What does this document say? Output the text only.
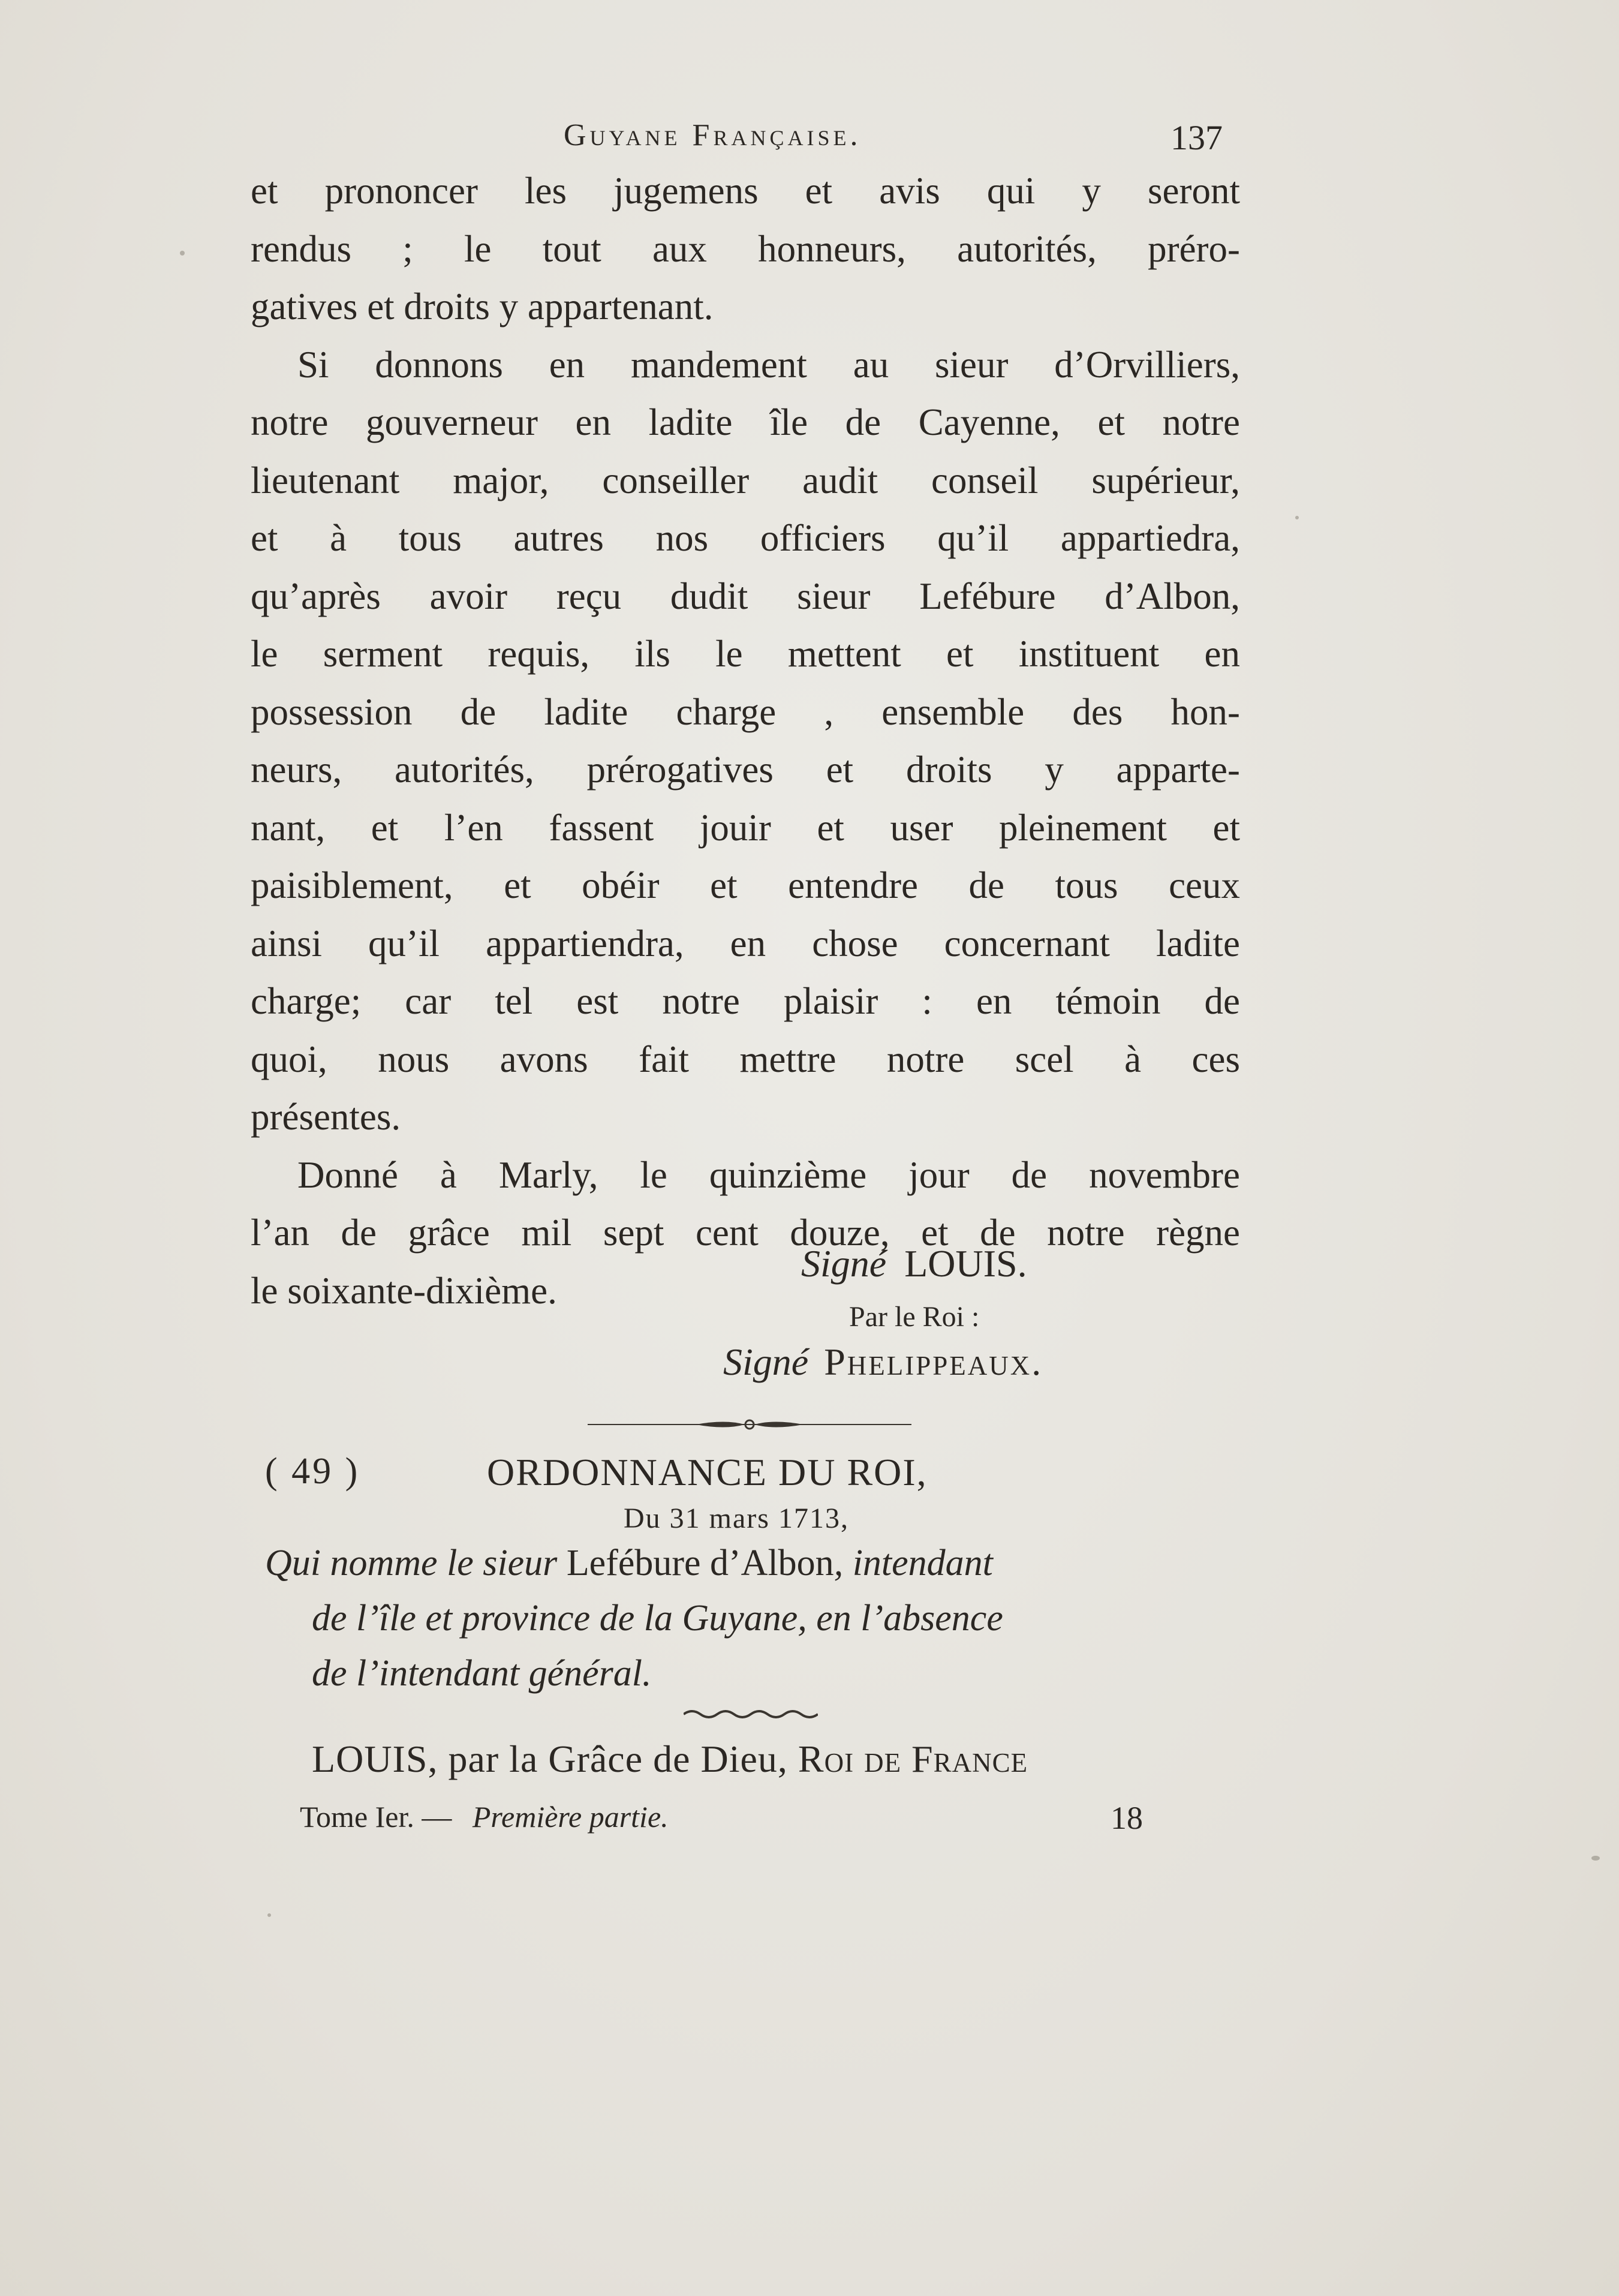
Guyane Française.	137
et prononcer les jugemens et avis qui y seront
rendus ; le tout aux honneurs, autorités, préro-
gatives et droits y appartenant.
Si donnons en mandement au sieur d’Orvilliers,
notre gouverneur en ladite île de Cayenne, et notre
lieutenant major, conseiller audit conseil supérieur,
et à tous autres nos officiers qu’il appartiedra,
qu’après avoir reçu dudit sieur Lefébure d’Albon,
le serment requis, ils le mettent et instituent en
possession de ladite charge , ensemble des hon-
neurs, autorités, prérogatives et droits y apparte-
nant, et l’en fassent jouir et user pleinement et
paisiblement, et obéir et entendre de tous ceux
ainsi qu’il appartiendra, en chose concernant ladite
charge; car tel est notre plaisir : en témoin de
quoi, nous avons fait mettre notre scel à ces
présentes.
Donné à Marly, le quinzième jour de novembre
l’an de grâce mil sept cent douze, et de notre règne
le soixante-dixième.
Signé LOUIS.
Par le Roi :
Signé Phelippeaux.
( 49 )	ORDONNANCE DU ROI,
Du 31 mars 1713,
Qui nomme le sieur Lefébure d’Albon, intendant
de l’île et province de la Guyane, en l’absence
de l’intendant général.
LOUIS, par la Grâce de Dieu, Roi de France
Tome Ier. — Première partie.	18
